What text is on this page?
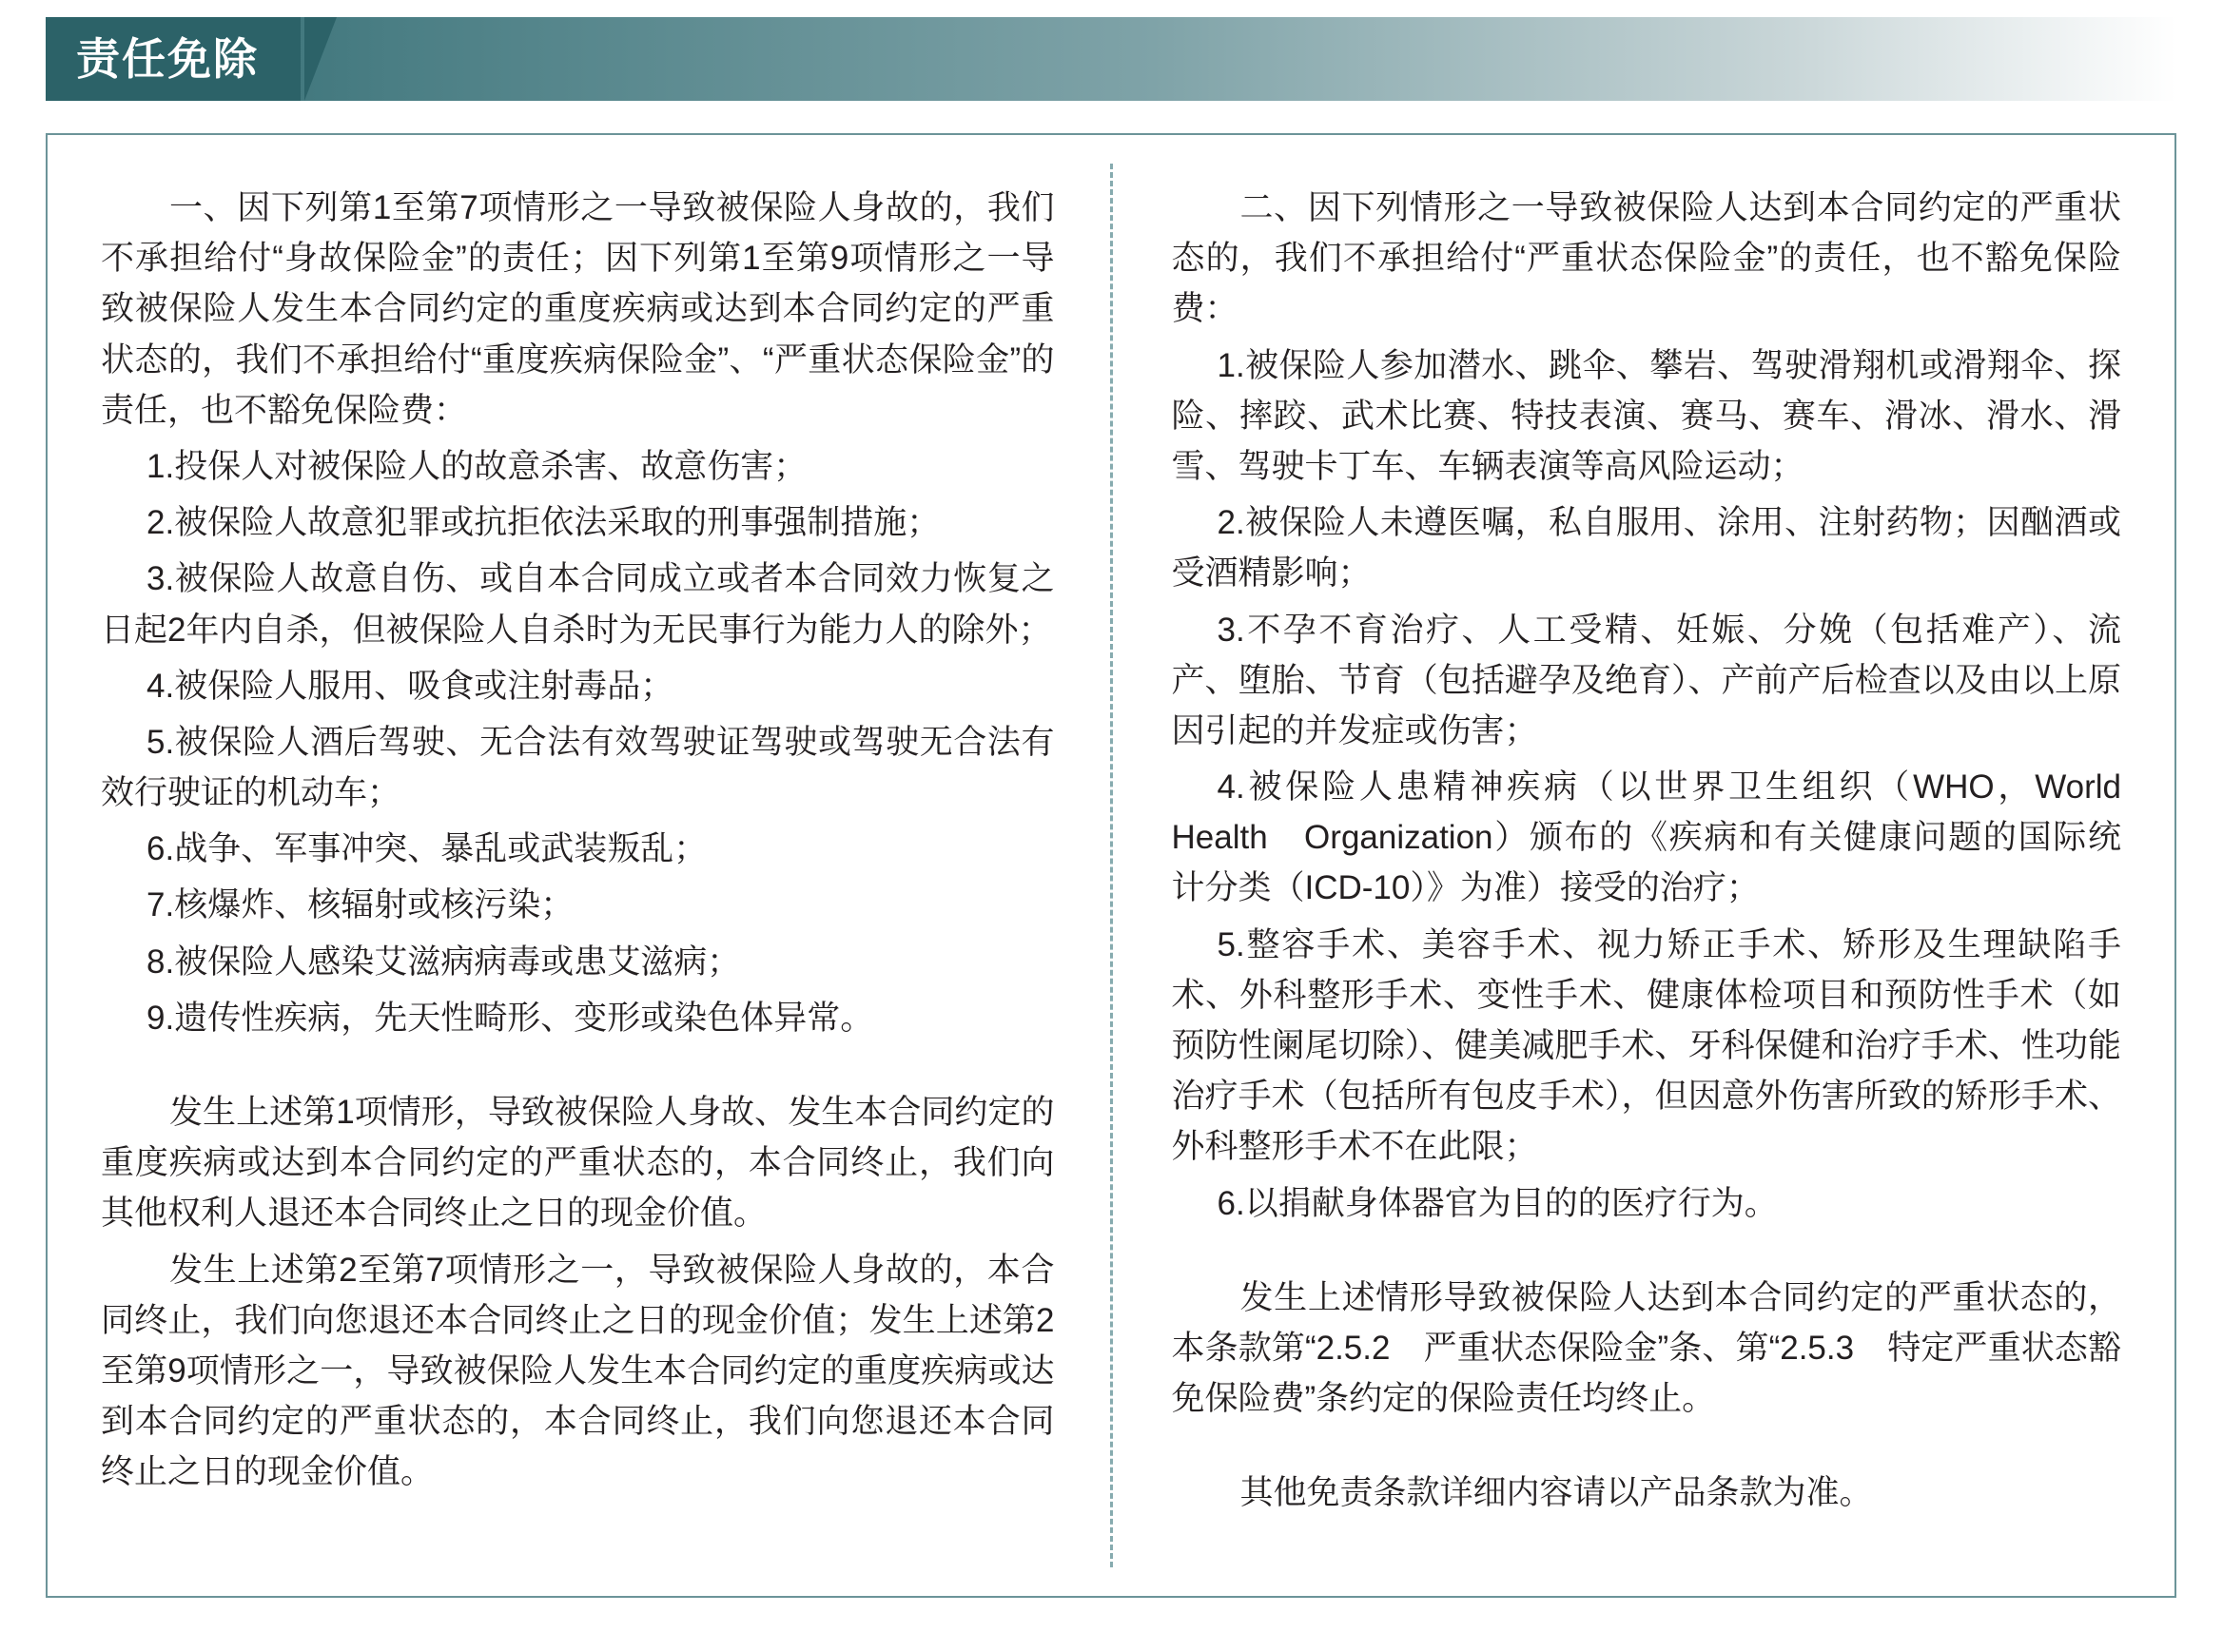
责任免除

一、因下列第1至第7项情形之一导致被保险人身故的，我们不承担给付“身故保险金”的责任；因下列第1至第9项情形之一导致被保险人发生本合同约定的重度疾病或达到本合同约定的严重状态的，我们不承担给付“重度疾病保险金”、“严重状态保险金”的责任，也不豁免保险费：

1.投保人对被保险人的故意杀害、故意伤害；

2.被保险人故意犯罪或抗拒依法采取的刑事强制措施；

3.被保险人故意自伤、或自本合同成立或者本合同效力恢复之日起2年内自杀，但被保险人自杀时为无民事行为能力人的除外；

4.被保险人服用、吸食或注射毒品；

5.被保险人酒后驾驶、无合法有效驾驶证驾驶或驾驶无合法有效行驶证的机动车；

6.战争、军事冲突、暴乱或武装叛乱；

7.核爆炸、核辐射或核污染；

8.被保险人感染艾滋病病毒或患艾滋病；

9.遗传性疾病，先天性畸形、变形或染色体异常。

发生上述第1项情形，导致被保险人身故、发生本合同约定的重度疾病或达到本合同约定的严重状态的，本合同终止，我们向其他权利人退还本合同终止之日的现金价值。

发生上述第2至第7项情形之一，导致被保险人身故的，本合同终止，我们向您退还本合同终止之日的现金价值；发生上述第2至第9项情形之一，导致被保险人发生本合同约定的重度疾病或达到本合同约定的严重状态的，本合同终止，我们向您退还本合同终止之日的现金价值。

二、因下列情形之一导致被保险人达到本合同约定的严重状态的，我们不承担给付“严重状态保险金”的责任，也不豁免保险费：

1.被保险人参加潜水、跳伞、攀岩、驾驶滑翔机或滑翔伞、探险、摔跤、武术比赛、特技表演、赛马、赛车、滑冰、滑水、滑雪、驾驶卡丁车、车辆表演等高风险运动；

2.被保险人未遵医嘱，私自服用、涂用、注射药物；因酗酒或受酒精影响；

3.不孕不育治疗、人工受精、妊娠、分娩（包括难产）、流产、堕胎、节育（包括避孕及绝育）、产前产后检查以及由以上原因引起的并发症或伤害；

4.被保险人患精神疾病（以世界卫生组织（WHO，World Health　Organization）颁布的《疾病和有关健康问题的国际统计分类（ICD-10）》为准）接受的治疗；

5.整容手术、美容手术、视力矫正手术、矫形及生理缺陷手术、外科整形手术、变性手术、健康体检项目和预防性手术（如预防性阑尾切除）、健美减肥手术、牙科保健和治疗手术、性功能治疗手术（包括所有包皮手术），但因意外伤害所致的矫形手术、外科整形手术不在此限；

6.以捐献身体器官为目的的医疗行为。

发生上述情形导致被保险人达到本合同约定的严重状态的，本条款第“2.5.2　严重状态保险金”条、第“2.5.3　特定严重状态豁免保险费”条约定的保险责任均终止。

其他免责条款详细内容请以产品条款为准。
